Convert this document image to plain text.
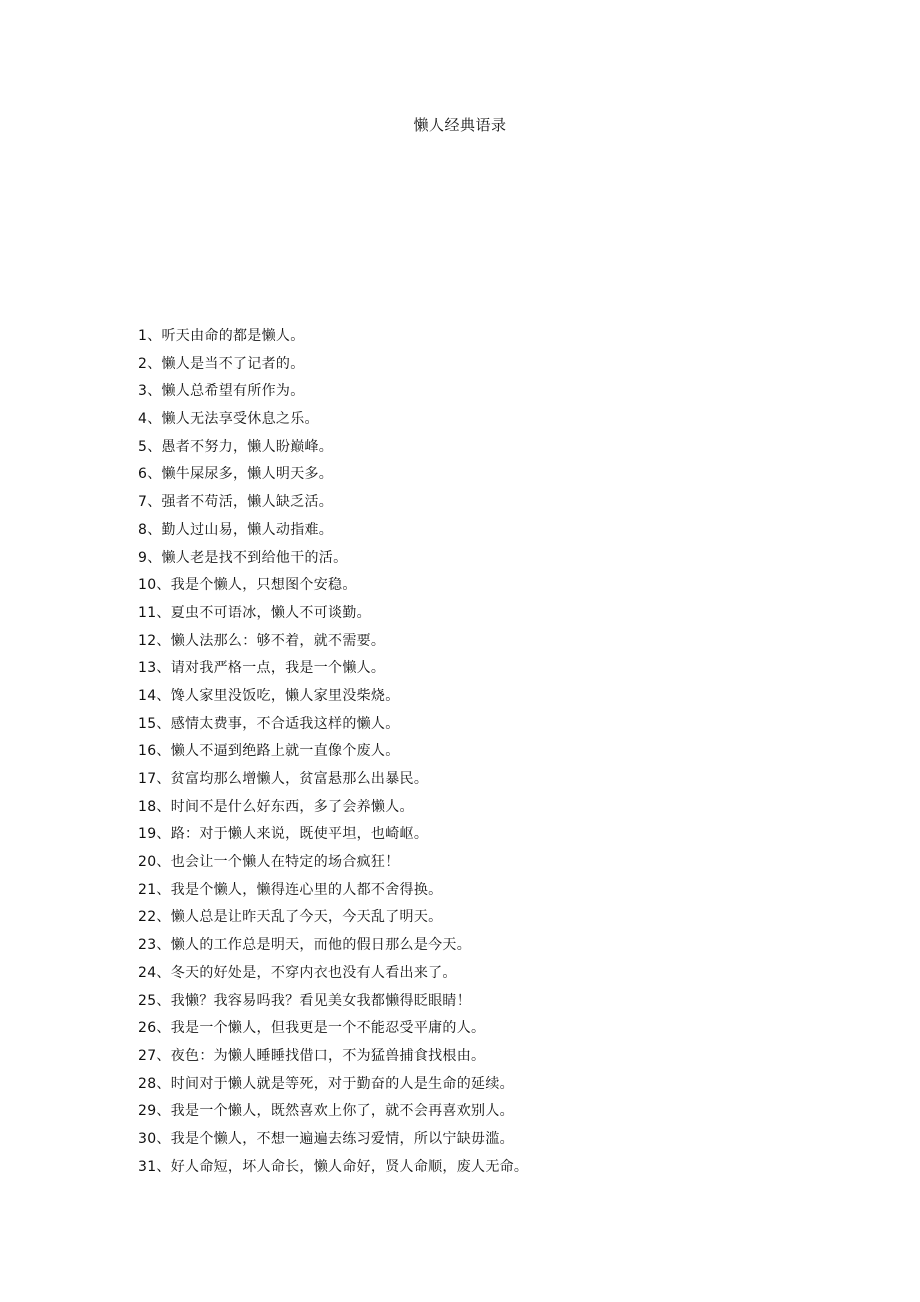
懒人经典语录
1、听天由命的都是懒人。
2、懒人是当不了记者的。
3、懒人总希望有所作为。
4、懒人无法享受休息之乐。
5、愚者不努力，懒人盼巅峰。
6、懒牛屎尿多，懒人明天多。
7、强者不苟活，懒人缺乏活。
8、勤人过山易，懒人动指难。
9、懒人老是找不到给他干的活。
10、我是个懒人，只想图个安稳。
11、夏虫不可语冰，懒人不可谈勤。
12、懒人法那么：够不着，就不需要。
13、请对我严格一点，我是一个懒人。
14、馋人家里没饭吃，懒人家里没柴烧。
15、感情太费事，不合适我这样的懒人。
16、懒人不逼到绝路上就一直像个废人。
17、贫富均那么增懒人，贫富悬那么出暴民。
18、时间不是什么好东西，多了会养懒人。
19、路：对于懒人来说，既使平坦，也崎岖。
20、也会让一个懒人在特定的场合疯狂！
21、我是个懒人，懒得连心里的人都不舍得换。
22、懒人总是让昨天乱了今天，今天乱了明天。
23、懒人的工作总是明天，而他的假日那么是今天。
24、冬天的好处是，不穿内衣也没有人看出来了。
25、我懒？我容易吗我？看见美女我都懒得眨眼睛！
26、我是一个懒人，但我更是一个不能忍受平庸的人。
27、夜色：为懒人睡睡找借口，不为猛兽捕食找根由。
28、时间对于懒人就是等死，对于勤奋的人是生命的延续。
29、我是一个懒人，既然喜欢上你了，就不会再喜欢别人。
30、我是个懒人，不想一遍遍去练习爱情，所以宁缺毋滥。
31、好人命短，坏人命长，懒人命好，贤人命顺，废人无命。
